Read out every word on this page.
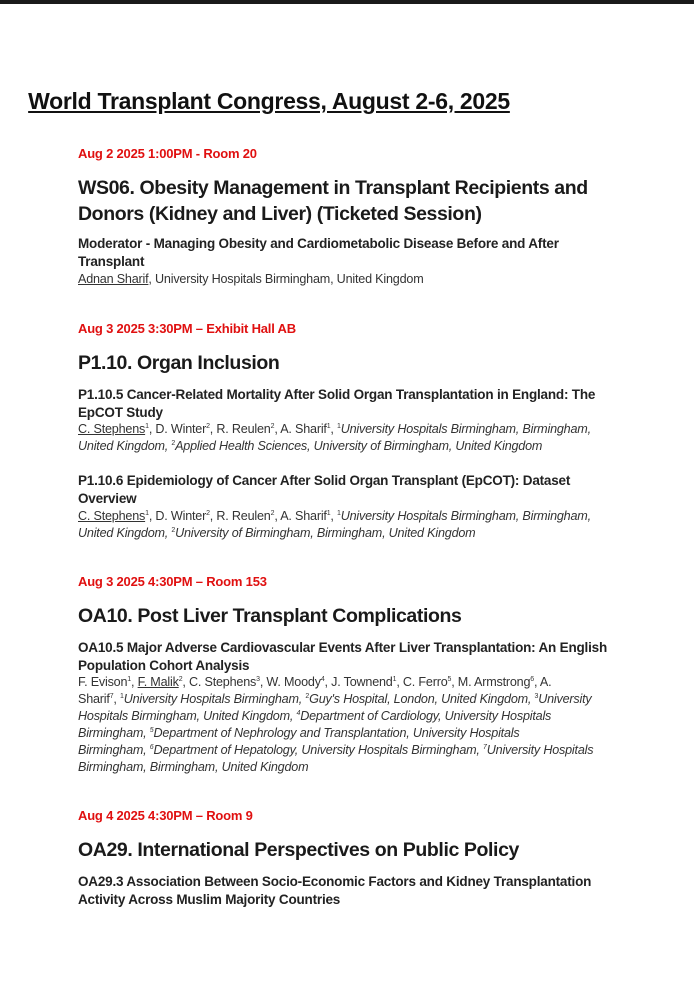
World Transplant Congress, August 2-6, 2025
Aug 2 2025 1:00PM - Room 20
WS06. Obesity Management in Transplant Recipients and Donors (Kidney and Liver) (Ticketed Session)
Moderator - Managing Obesity and Cardiometabolic Disease Before and After Transplant
Adnan Sharif, University Hospitals Birmingham, United Kingdom
Aug 3 2025 3:30PM – Exhibit Hall AB
P1.10. Organ Inclusion
P1.10.5 Cancer-Related Mortality After Solid Organ Transplantation in England: The EpCOT Study
C. Stephens$^1$, D. Winter$^2$, R. Reulen$^2$, A. Sharif$^1$, $^1$University Hospitals Birmingham, Birmingham, United Kingdom, $^2$Applied Health Sciences, University of Birmingham, United Kingdom
P1.10.6 Epidemiology of Cancer After Solid Organ Transplant (EpCOT): Dataset Overview
C. Stephens$^1$, D. Winter$^2$, R. Reulen$^2$, A. Sharif$^1$, $^1$University Hospitals Birmingham, Birmingham, United Kingdom, $^2$University of Birmingham, Birmingham, United Kingdom
Aug 3 2025 4:30PM – Room 153
OA10. Post Liver Transplant Complications
OA10.5 Major Adverse Cardiovascular Events After Liver Transplantation: An English Population Cohort Analysis
F. Evison$^1$, F. Malik$^2$, C. Stephens$^3$, W. Moody$^4$, J. Townend$^1$, C. Ferro$^5$, M. Armstrong$^6$, A.
Sharif$^7$, $^1$University Hospitals Birmingham, $^2$Guy's Hospital, London, United Kingdom, $^3$University
Hospitals Birmingham, United Kingdom, $^4$Department of Cardiology, University Hospitals
Birmingham, $^5$Department of Nephrology and Transplantation, University Hospitals
Birmingham, $^6$Department of Hepatology, University Hospitals Birmingham, $^7$University Hospitals
Birmingham, Birmingham, United Kingdom
Aug 4 2025 4:30PM – Room 9
OA29. International Perspectives on Public Policy
OA29.3 Association Between Socio-Economic Factors and Kidney Transplantation Activity Across Muslim Majority Countries
